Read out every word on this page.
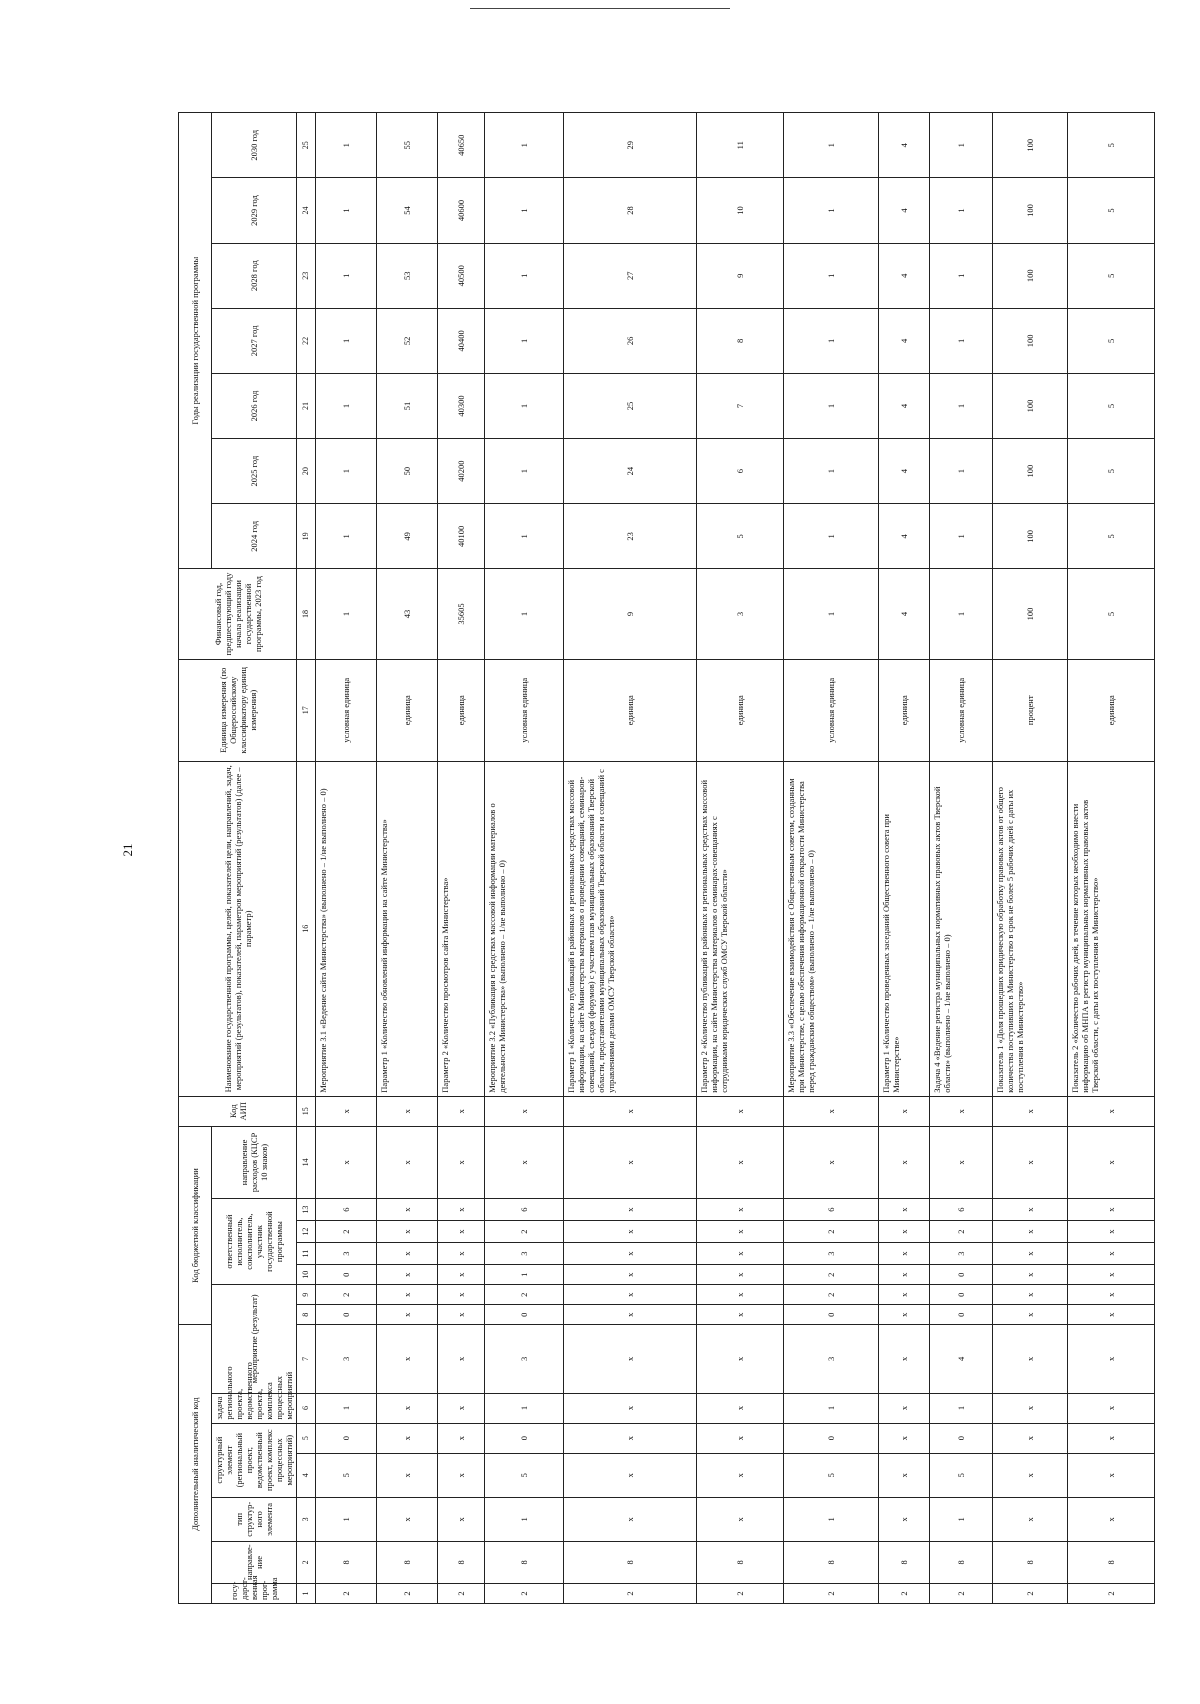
21
Дополнительный аналитический код							Код бюджетной классификации							Код АИП	Наименование государственной программы, целей, показателей цели, направлений, задач, мероприятий (результатов), показателей, параметров мероприятий (результатов) (далее – параметр)	Единица измерения (по Общероссийскому классификатору единиц измерения)	Финансовый год, предшествующий году начала реализации государственной программы, 2023 год	Годы реализации государственной программы						
госу-дарст-венная прог-рамма	направле-ние	тип структур-ного элемента	структурный элемент (региональный проект, ведомственный проект, комплекс процессных мероприятий)		задача регионального проекта, ведомственного проекта, комплекса процессных мероприятий	мероприятие (результат)			ответственный исполнитель, соисполнитель, участник государственной программы				направление расходов (КЦСР 10 знаков)											
																		2024 год	2025 год	2026 год	2027 год	2028 год	2029 год	2030 год

1	2	3	4	5	6	7	8	9	10	11	12	13	14	15	16	17	18	19	20	21	22	23	24	25
2	8	1	5	0	1	3	0	2	0	3	2	6	х	х	Мероприятие 3.1 «Ведение сайта Министерства» (выполнено – 1/не выполнено – 0)	условная единица	1	1	1	1	1	1	1	1
2	8	х	х	х	х	х	х	х	х	х	х	х	х	х	Параметр 1 «Количество обновлений информации на сайте Министерства»	единица	43	49	50	51	52	53	54	55
2	8	х	х	х	х	х	х	х	х	х	х	х	х	х	Параметр 2 «Количество просмотров сайта Министерства»	единица	35605	40100	40200	40300	40400	40500	40600	40650
2	8	1	5	0	1	3	0	2	1	3	2	6	х	х	Мероприятие 3.2 «Публикация в средствах массовой информации материалов о деятельности Министерства» (выполнено – 1/не выполнено – 0)	условная единица	1	1	1	1	1	1	1	1
2	8	х	х	х	х	х	х	х	х	х	х	х	х	х	Параметр 1 «Количество публикаций в районных и региональных средствах массовой информации, на сайте Министерства материалов о проведении совещаний, семинаров-совещаний, съездов (форумов) с участием глав муниципальных образований Тверской области, представителями муниципальных образований Тверской области и совещаний с управлениями делами ОМСУ Тверской области»	единица	9	23	24	25	26	27	28	29
2	8	х	х	х	х	х	х	х	х	х	х	х	х	х	Параметр 2 «Количество публикаций в районных и региональных средствах массовой информации, на сайте Министерства материалов о семинарах-совещаниях с сотрудниками юридических служб ОМСУ Тверской области»	единица	3	5	6	7	8	9	10	11
2	8	1	5	0	1	3	0	2	2	3	2	6	х	х	Мероприятие 3.3 «Обеспечение взаимодействия с Общественным советом, созданным при Министерстве, с целью обеспечения информационной открытости Министерства перед гражданским обществом» (выполнено – 1/не выполнено – 0)	условная единица	1	1	1	1	1	1	1	1
2	8	х	х	х	х	х	х	х	х	х	х	х	х	х	Параметр 1 «Количество проведенных заседаний Общественного совета при Министерстве»	единица	4	4	4	4	4	4	4	4
2	8	1	5	0	1	4	0	0	0	3	2	6	х	х	Задача 4 «Ведение регистра муниципальных нормативных правовых актов Тверской области» (выполнено – 1/не выполнено – 0)	условная единица	1	1	1	1	1	1	1	1
2	8	х	х	х	х	х	х	х	х	х	х	х	х	х	Показатель 1 «Доля прошедших юридическую обработку правовых актов от общего количества поступивших в Министерство в срок не более 5 рабочих дней с даты их поступления в Министерство»	процент	100	100	100	100	100	100	100	100
2	8	х	х	х	х	х	х	х	х	х	х	х	х	х	Показатель 2 «Количество рабочих дней, в течение которых необходимо внести информацию об МНПА в регистр муниципальных нормативных правовых актов Тверской области, с даты их поступления в Министерство»	единица	5	5	5	5	5	5	5	5
